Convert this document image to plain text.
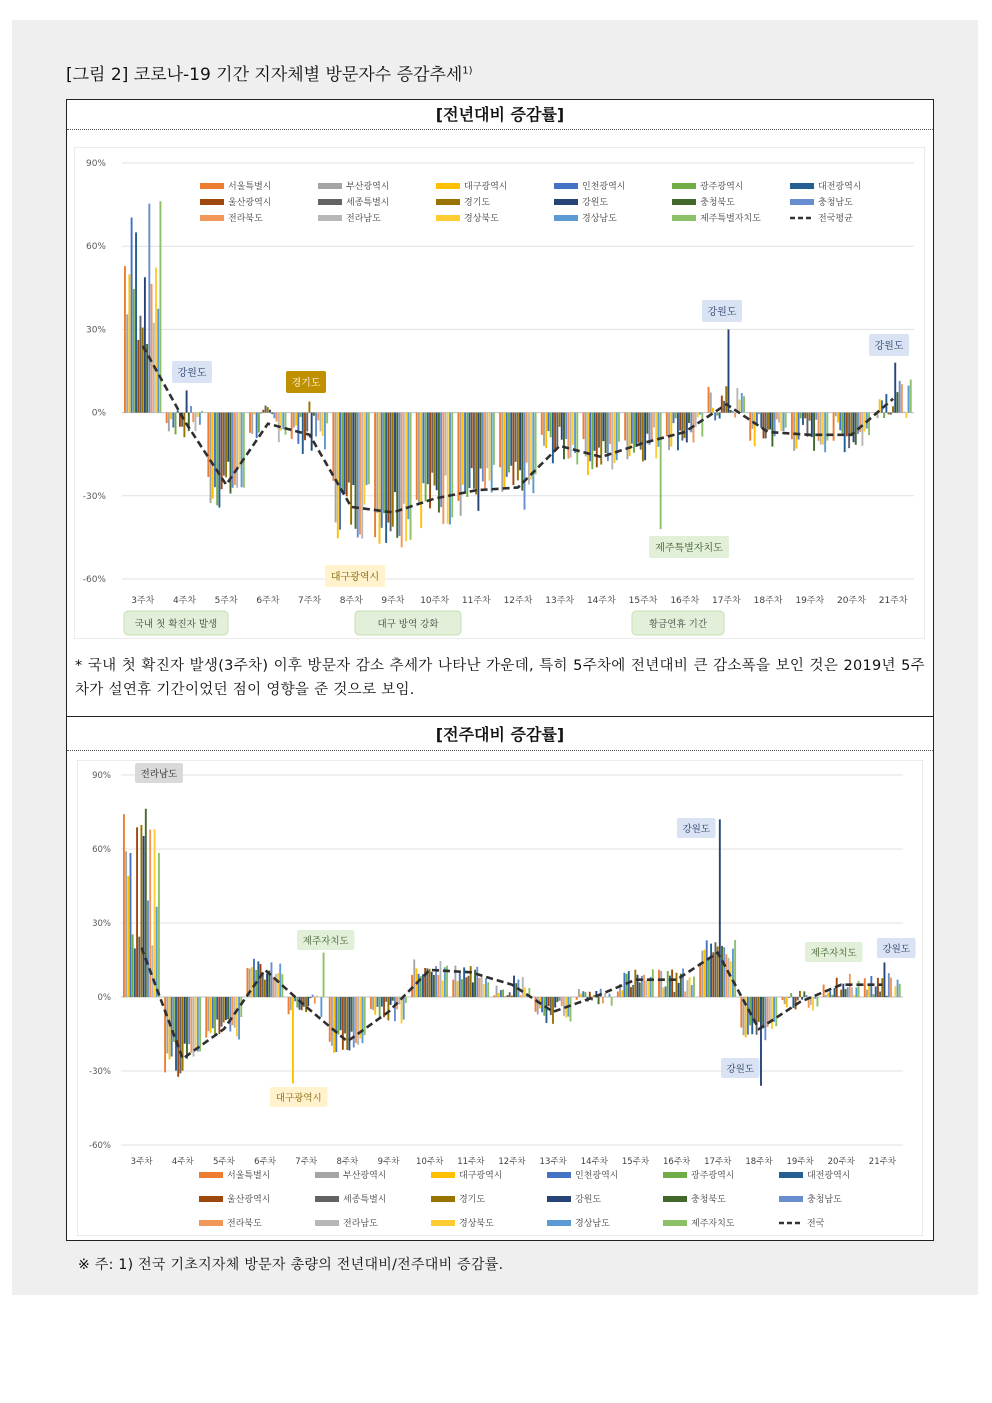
[그림 2] 코로나-19 기간 지자체별 방문자수 증감추세$^{1)}$
[전년대비 증감률]
90%
60%
30%
0%
-30%
-60%
3주차 4주차 5주차 6주차 7주차 8주차 9주차 10주차 11주차 12주차 13주차 14주차 15주차 16주차 17주차 18주차 19주차 20주차 21주차
서울특별시	부산광역시	대구광역시	인천광역시	광주광역시	대전광역시
울산광역시	세종특별시	경기도	강원도	충청북도	충청남도
전라북도	전라남도	경상북도	경상남도	제주특별자치도	전국평균
강원도
경기도
강원도
강원도
대구광역시
제주특별자치도
국내 첫 확진자 발생	대구 방역 강화	황금연휴 기간
* 국내 첫 확진자 발생(3주차) 이후 방문자 감소 추세가 나타난 가운데, 특히 5주차에 전년대비 큰 감소폭을 보인 것은 2019년 5주차가 설연휴 기간이었던 점이 영향을 준 것으로 보임.
[전주대비 증감률]
90%
60%
30%
0%
-30%
-60%
3주차 4주차 5주차 6주차 7주차 8주차 9주차 10주차 11주차 12주차 13주차 14주차 15주차 16주차 17주차 18주차 19주차 20주차 21주차
서울특별시	부산광역시	대구광역시	인천광역시	광주광역시	대전광역시
울산광역시	세종특별시	경기도	강원도	충청북도	충청남도
전라북도	전라남도	경상북도	경상남도	제주자치도	전국
전라남도
강원도
제주자치도
제주자치도	강원도
대구광역시
강원도
※ 주: 1) 전국 기초지자체 방문자 총량의 전년대비/전주대비 증감률.
